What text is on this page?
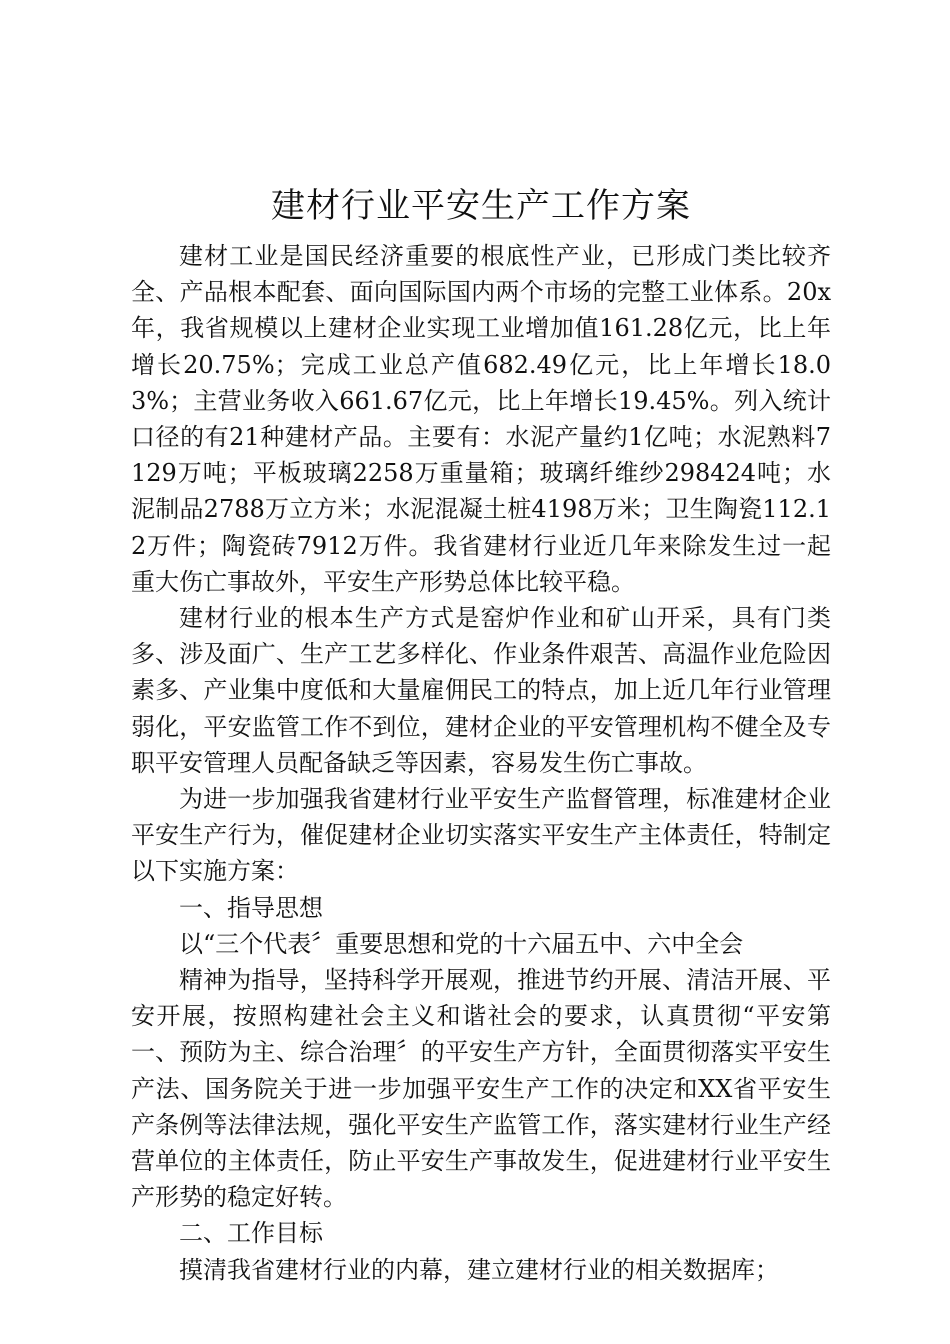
建材行业平安生产工作方案

建材工业是国民经济重要的根底性产业，已形成门类比较齐全、产品根本配套、面向国际国内两个市场的完整工业体系。20x年，我省规模以上建材企业实现工业增加值161.28亿元，比上年增长20.75%；完成工业总产值682.49亿元，比上年增长18.03%；主营业务收入661.67亿元，比上年增长19.45%。列入统计口径的有21种建材产品。主要有：水泥产量约1亿吨；水泥熟料7129万吨；平板玻璃2258万重量箱；玻璃纤维纱298424吨；水泥制品2788万立方米；水泥混凝土桩4198万米；卫生陶瓷112.12万件；陶瓷砖7912万件。我省建材行业近几年来除发生过一起重大伤亡事故外，平安生产形势总体比较平稳。

建材行业的根本生产方式是窑炉作业和矿山开采，具有门类多、涉及面广、生产工艺多样化、作业条件艰苦、高温作业危险因素多、产业集中度低和大量雇佣民工的特点，加上近几年行业管理弱化，平安监管工作不到位，建材企业的平安管理机构不健全及专职平安管理人员配备缺乏等因素，容易发生伤亡事故。

为进一步加强我省建材行业平安生产监督管理，标准建材企业平安生产行为，催促建材企业切实落实平安生产主体责任，特制定以下实施方案：

一、指导思想

以“三个代表〞重要思想和党的十六届五中、六中全会

精神为指导，坚持科学开展观，推进节约开展、清洁开展、平安开展，按照构建社会主义和谐社会的要求，认真贯彻“平安第一、预防为主、综合治理〞的平安生产方针，全面贯彻落实平安生产法、国务院关于进一步加强平安生产工作的决定和XX省平安生产条例等法律法规，强化平安生产监管工作，落实建材行业生产经营单位的主体责任，防止平安生产事故发生，促进建材行业平安生产形势的稳定好转。

二、工作目标

摸清我省建材行业的内幕，建立建材行业的相关数据库；
